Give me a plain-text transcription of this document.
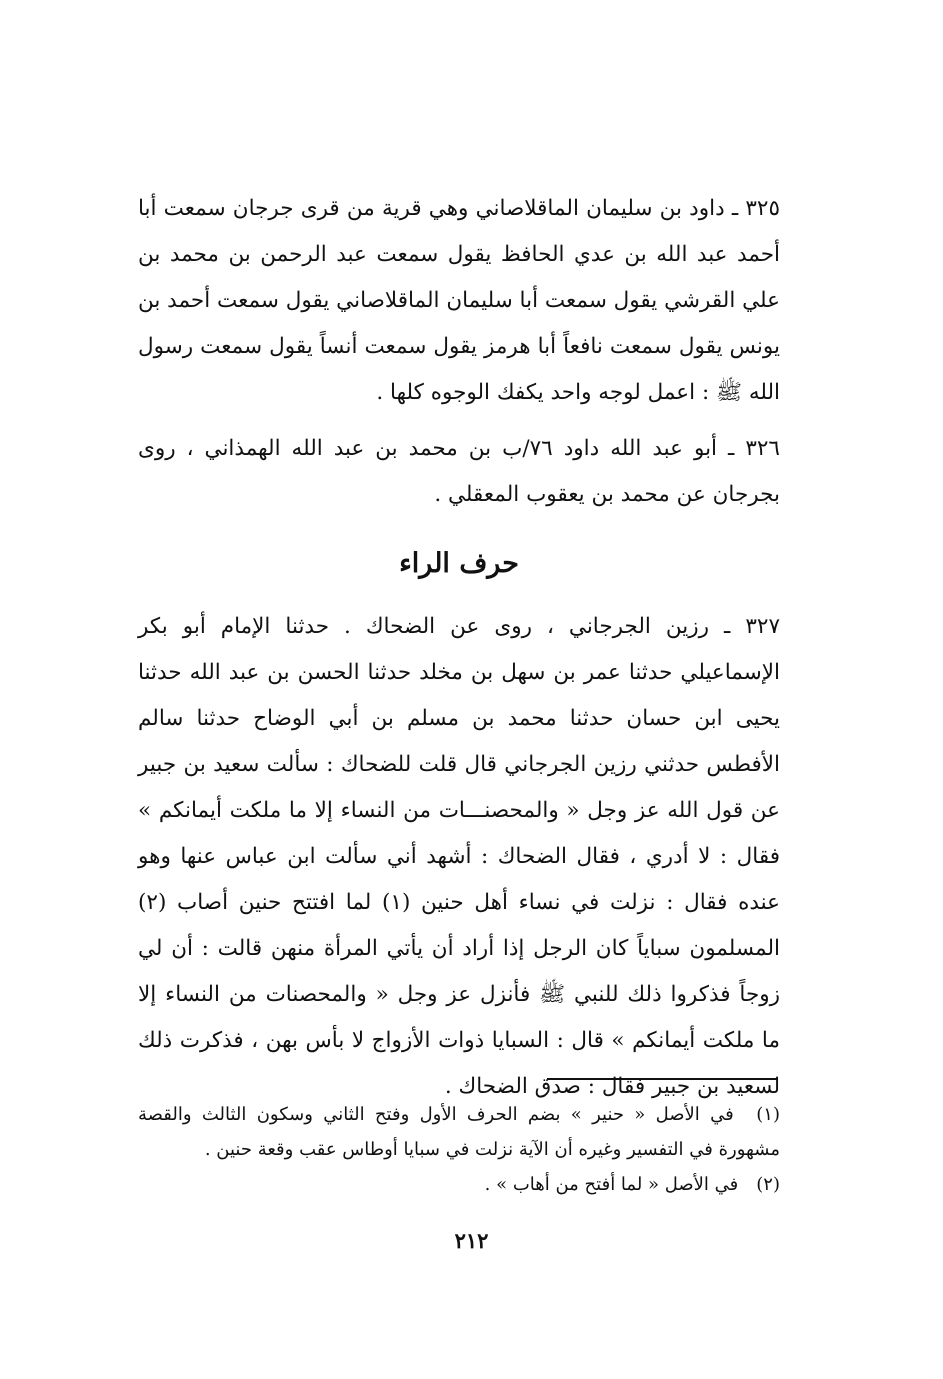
٣٢٥ ـ داود بن سليمان الماقلاصاني وهي قرية من قرى جرجان سمعت أبا أحمد عبد الله بن عدي الحافظ يقول سمعت عبد الرحمن بن محمد بن علي القرشي يقول سمعت أبا سليمان الماقلاصاني يقول سمعت أحمد بن يونس يقول سمعت نافعاً أبا هرمز يقول سمعت أنساً يقول سمعت رسول الله ﷺ : اعمل لوجه واحد يكفك الوجوه كلها .

٣٢٦ ـ أبو عبد الله داود ٧٦/ب بن محمد بن عبد الله الهمذاني ، روى بجرجان عن محمد بن يعقوب المعقلي .

حرف الراء

٣٢٧ ـ رزين الجرجاني ، روى عن الضحاك . حدثنا الإمام أبو بكر الإسماعيلي حدثنا عمر بن سهل بن مخلد حدثنا الحسن بن عبد الله حدثنا يحيى ابن حسان حدثنا محمد بن مسلم بن أبي الوضاح حدثنا سالم الأفطس حدثني رزين الجرجاني قال قلت للضحاك : سألت سعيد بن جبير عن قول الله عز وجل « والمحصنـــات من النساء إلا ما ملكت أيمانكم » فقال : لا أدري ، فقال الضحاك : أشهد أني سألت ابن عباس عنها وهو عنده فقال : نزلت في نساء أهل حنين (١) لما افتتح حنين أصاب (٢) المسلمون سباياً كان الرجل إذا أراد أن يأتي المرأة منهن قالت : أن لي زوجاً فذكروا ذلك للنبي ﷺ فأنزل عز وجل « والمحصنات من النساء إلا ما ملكت أيمانكم » قال : السبايا ذوات الأزواج لا بأس بهن ، فذكرت ذلك لسعيد بن جبير فقال : صدق الضحاك .

(١) في الأصل « حنير » بضم الحرف الأول وفتح الثاني وسكون الثالث والقصة مشهورة في التفسير وغيره أن الآية نزلت في سبايا أوطاس عقب وقعة حنين .

(٢) في الأصل « لما أفتح من أهاب » .

٢١٢
